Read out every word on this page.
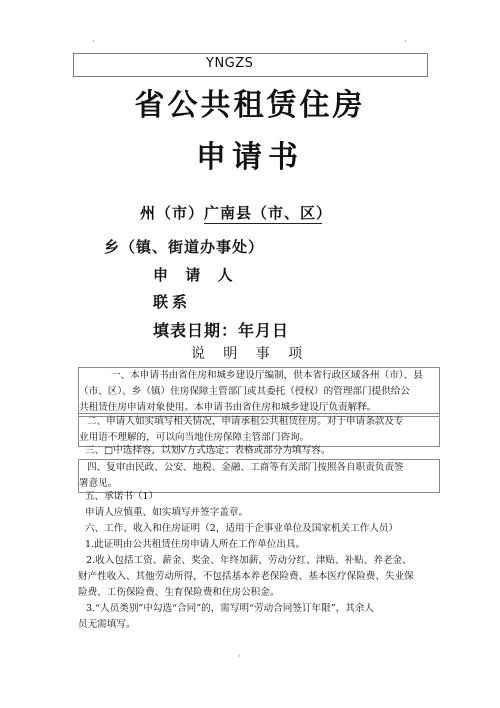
·	·
YNGZS
省公共租赁住房
申请书
州（市）广南县（市、区）
乡（镇、街道办事处）
申 请 人
联系
填表日期：年月日
说 明 事 项
一、本申请书由省住房和城乡建设厅编制，供本省行政区域各州（市）、县
（市、区）、乡（镇）住房保障主管部门或其委托（授权）的管理部门提供给公
共租赁住房申请对象使用。本申请书由省住房和城乡建设厅负责解释。
二、申请人如实填写相关情况，申请承租公共租赁住房。对于申请条款及专
业用语不理解的，可以向当地住房保障主管部门咨询。
三、□中选择容，以划√方式选定；表格或部分为填写容。
四、复审由民政、公安、地税、金融、工商等有关部门按照各自职责负责签
署意见。
五、承诺书（1）
申请人应慎重、如实填写并签字盖章。
六、工作、收入和住房证明（2，适用于企事业单位及国家机关工作人员）
1.此证明由公共租赁住房申请人所在工作单位出具。
2.收入包括工资、薪金、奖金、年终加薪、劳动分红、津贴、补贴、养老金、
财产性收入、其他劳动所得，不包括基本养老保险费、基本医疗保险费、失业保
险费、工伤保险费、生育保险费和住房公积金。
3.“人员类别”中勾选“合同”的，需写明“劳动合同签订年限”，其余人
员无需填写。
·
